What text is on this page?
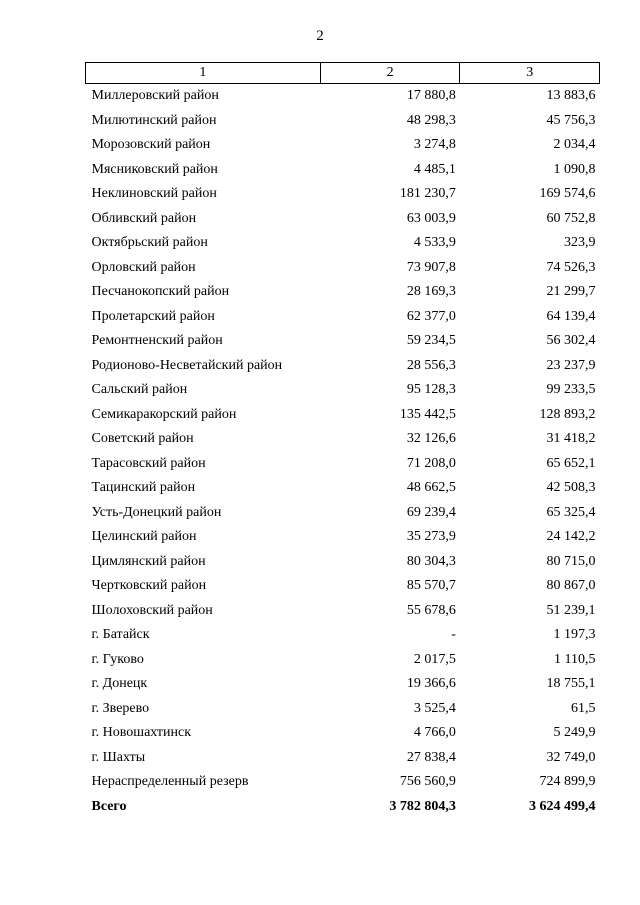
2
1	2	3
Миллеровский район	17 880,8	13 883,6
Милютинский район	48 298,3	45 756,3
Морозовский район	3 274,8	2 034,4
Мясниковский район	4 485,1	1 090,8
Неклиновский район	181 230,7	169 574,6
Обливский район	63 003,9	60 752,8
Октябрьский район	4 533,9	323,9
Орловский район	73 907,8	74 526,3
Песчанокопский район	28 169,3	21 299,7
Пролетарский район	62 377,0	64 139,4
Ремонтненский район	59 234,5	56 302,4
Родионово-Несветайский район	28 556,3	23 237,9
Сальский район	95 128,3	99 233,5
Семикаракорский район	135 442,5	128 893,2
Советский район	32 126,6	31 418,2
Тарасовский район	71 208,0	65 652,1
Тацинский район	48 662,5	42 508,3
Усть-Донецкий район	69 239,4	65 325,4
Целинский район	35 273,9	24 142,2
Цимлянский район	80 304,3	80 715,0
Чертковский район	85 570,7	80 867,0
Шолоховский район	55 678,6	51 239,1
г. Батайск	-	1 197,3
г. Гуково	2 017,5	1 110,5
г. Донецк	19 366,6	18 755,1
г. Зверево	3 525,4	61,5
г. Новошахтинск	4 766,0	5 249,9
г. Шахты	27 838,4	32 749,0
Нераспределенный резерв	756 560,9	724 899,9
Всего	3 782 804,3	3 624 499,4
